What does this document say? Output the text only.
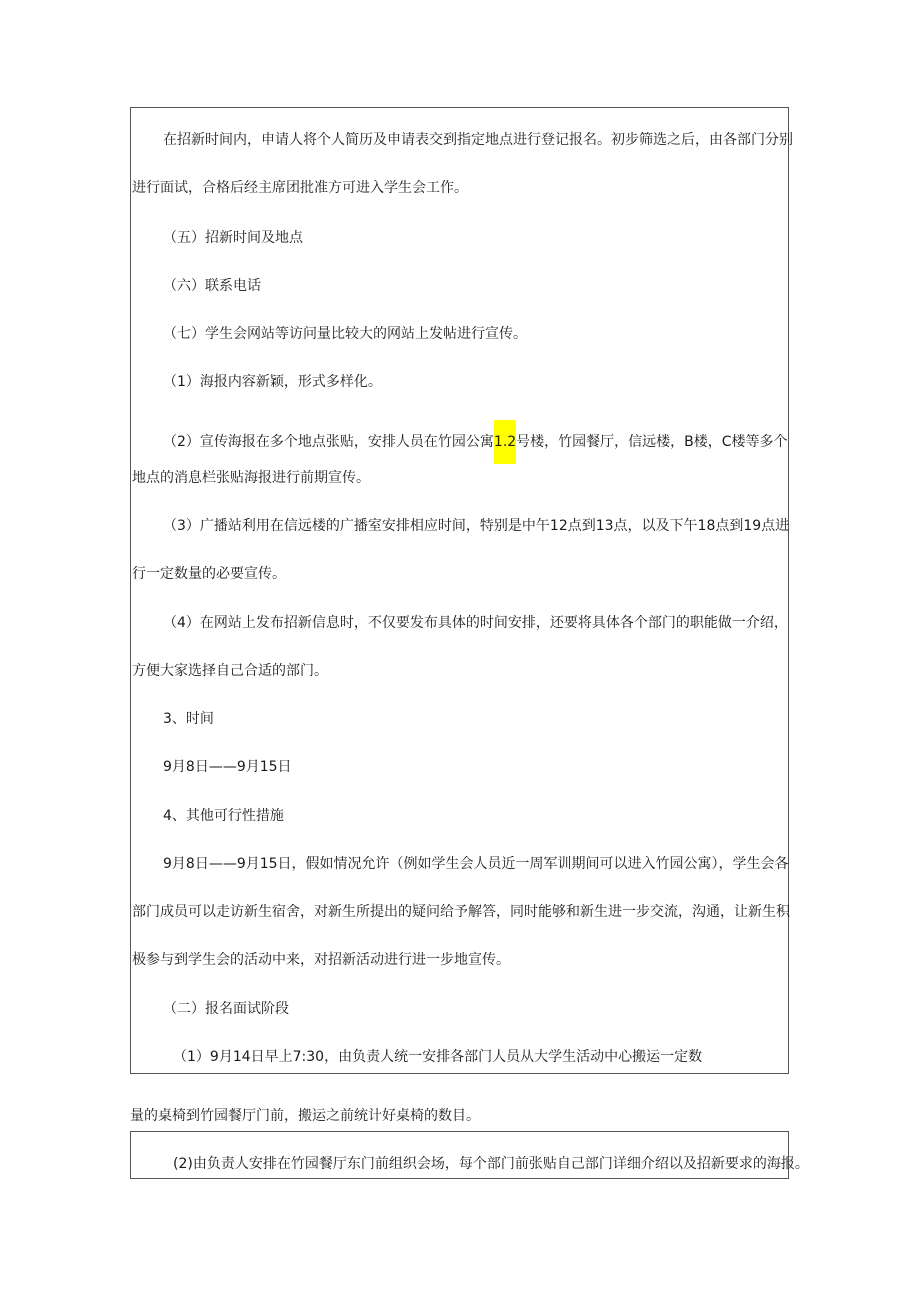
在招新时间内，申请人将个人简历及申请表交到指定地点进行登记报名。初步筛选之后，由各部门分别

进行面试，合格后经主席团批准方可进入学生会工作。

（五）招新时间及地点

（六）联系电话

（七）学生会网站等访问量比较大的网站上发帖进行宣传。

（1）海报内容新颖，形式多样化。

（2）宣传海报在多个地点张贴，安排人员在竹园公寓1.2号楼，竹园餐厅，信远楼，B楼，C楼等多个

地点的消息栏张贴海报进行前期宣传。

（3）广播站利用在信远楼的广播室安排相应时间，特别是中午12点到13点，以及下午18点到19点进

行一定数量的必要宣传。

（4）在网站上发布招新信息时，不仅要发布具体的时间安排，还要将具体各个部门的职能做一介绍，

方便大家选择自己合适的部门。

3、时间

9月8日——9月15日

4、其他可行性措施

9月8日——9月15日，假如情况允许（例如学生会人员近一周军训期间可以进入竹园公寓），学生会各

部门成员可以走访新生宿舍，对新生所提出的疑问给予解答，同时能够和新生进一步交流，沟通，让新生积

极参与到学生会的活动中来，对招新活动进行进一步地宣传。

（二）报名面试阶段

（1）9月14日早上7:30，由负责人统一安排各部门人员从大学生活动中心搬运一定数

量的桌椅到竹园餐厅门前，搬运之前统计好桌椅的数目。

(2)由负责人安排在竹园餐厅东门前组织会场，每个部门前张贴自己部门详细介绍以及招新要求的海报。
